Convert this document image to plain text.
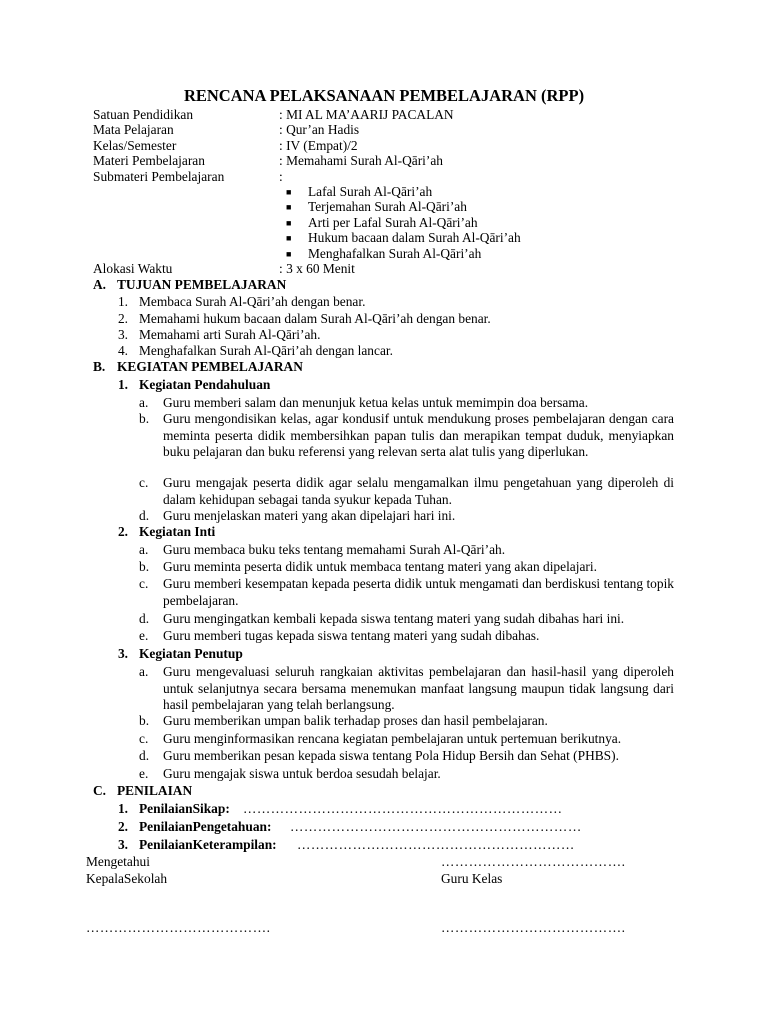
RENCANA PELAKSANAAN PEMBELAJARAN (RPP)
Satuan Pendidikan	: MI AL MA’AARIJ PACALAN
Mata Pelajaran	: Qur’an Hadis
Kelas/Semester	: IV (Empat)/2
Materi Pembelajaran	: Memahami Surah Al-Qāri’ah
Submateri Pembelajaran	:
■ Lafal Surah Al-Qāri’ah
■ Terjemahan Surah Al-Qāri’ah
■ Arti per Lafal Surah Al-Qāri’ah
■ Hukum bacaan dalam Surah Al-Qāri’ah
■ Menghafalkan Surah Al-Qāri’ah
Alokasi Waktu	: 3 x 60 Menit
A. TUJUAN PEMBELAJARAN
1. Membaca Surah Al-Qāri’ah dengan benar.
2. Memahami hukum bacaan dalam Surah Al-Qāri’ah dengan benar.
3. Memahami arti Surah Al-Qāri’ah.
4. Menghafalkan Surah Al-Qāri’ah dengan lancar.
B. KEGIATAN PEMBELAJARAN
1. Kegiatan Pendahuluan
a. Guru memberi salam dan menunjuk ketua kelas untuk memimpin doa bersama.
b. Guru mengondisikan kelas, agar kondusif untuk mendukung proses pembelajaran dengan cara meminta peserta didik membersihkan papan tulis dan merapikan tempat duduk, menyiapkan buku pelajaran dan buku referensi yang relevan serta alat tulis yang diperlukan.
c. Guru mengajak peserta didik agar selalu mengamalkan ilmu pengetahuan yang diperoleh di dalam kehidupan sebagai tanda syukur kepada Tuhan.
d. Guru menjelaskan materi yang akan dipelajari hari ini.
2. Kegiatan Inti
a. Guru membaca buku teks tentang memahami Surah Al-Qāri’ah.
b. Guru meminta peserta didik untuk membaca tentang materi yang akan dipelajari.
c. Guru memberi kesempatan kepada peserta didik untuk mengamati dan berdiskusi tentang topik pembelajaran.
d. Guru mengingatkan kembali kepada siswa tentang materi yang sudah dibahas hari ini.
e. Guru memberi tugas kepada siswa tentang materi yang sudah dibahas.
3. Kegiatan Penutup
a. Guru mengevaluasi seluruh rangkaian aktivitas pembelajaran dan hasil-hasil yang diperoleh untuk selanjutnya secara bersama menemukan manfaat langsung maupun tidak langsung dari hasil pembelajaran yang telah berlangsung.
b. Guru memberikan umpan balik terhadap proses dan hasil pembelajaran.
c. Guru menginformasikan rencana kegiatan pembelajaran untuk pertemuan berikutnya.
d. Guru memberikan pesan kepada siswa tentang Pola Hidup Bersih dan Sehat (PHBS).
e. Guru mengajak siswa untuk berdoa sesudah belajar.
C. PENILAIAN
1. PenilaianSikap: ……………………………………………………………
2. PenilaianPengetahuan: ………………………………………………………
3. PenilaianKeterampilan: ……………………………………………………
Mengetahui	………………………………….
KepalaSekolah	Guru Kelas
………………………………….	………………………………….
